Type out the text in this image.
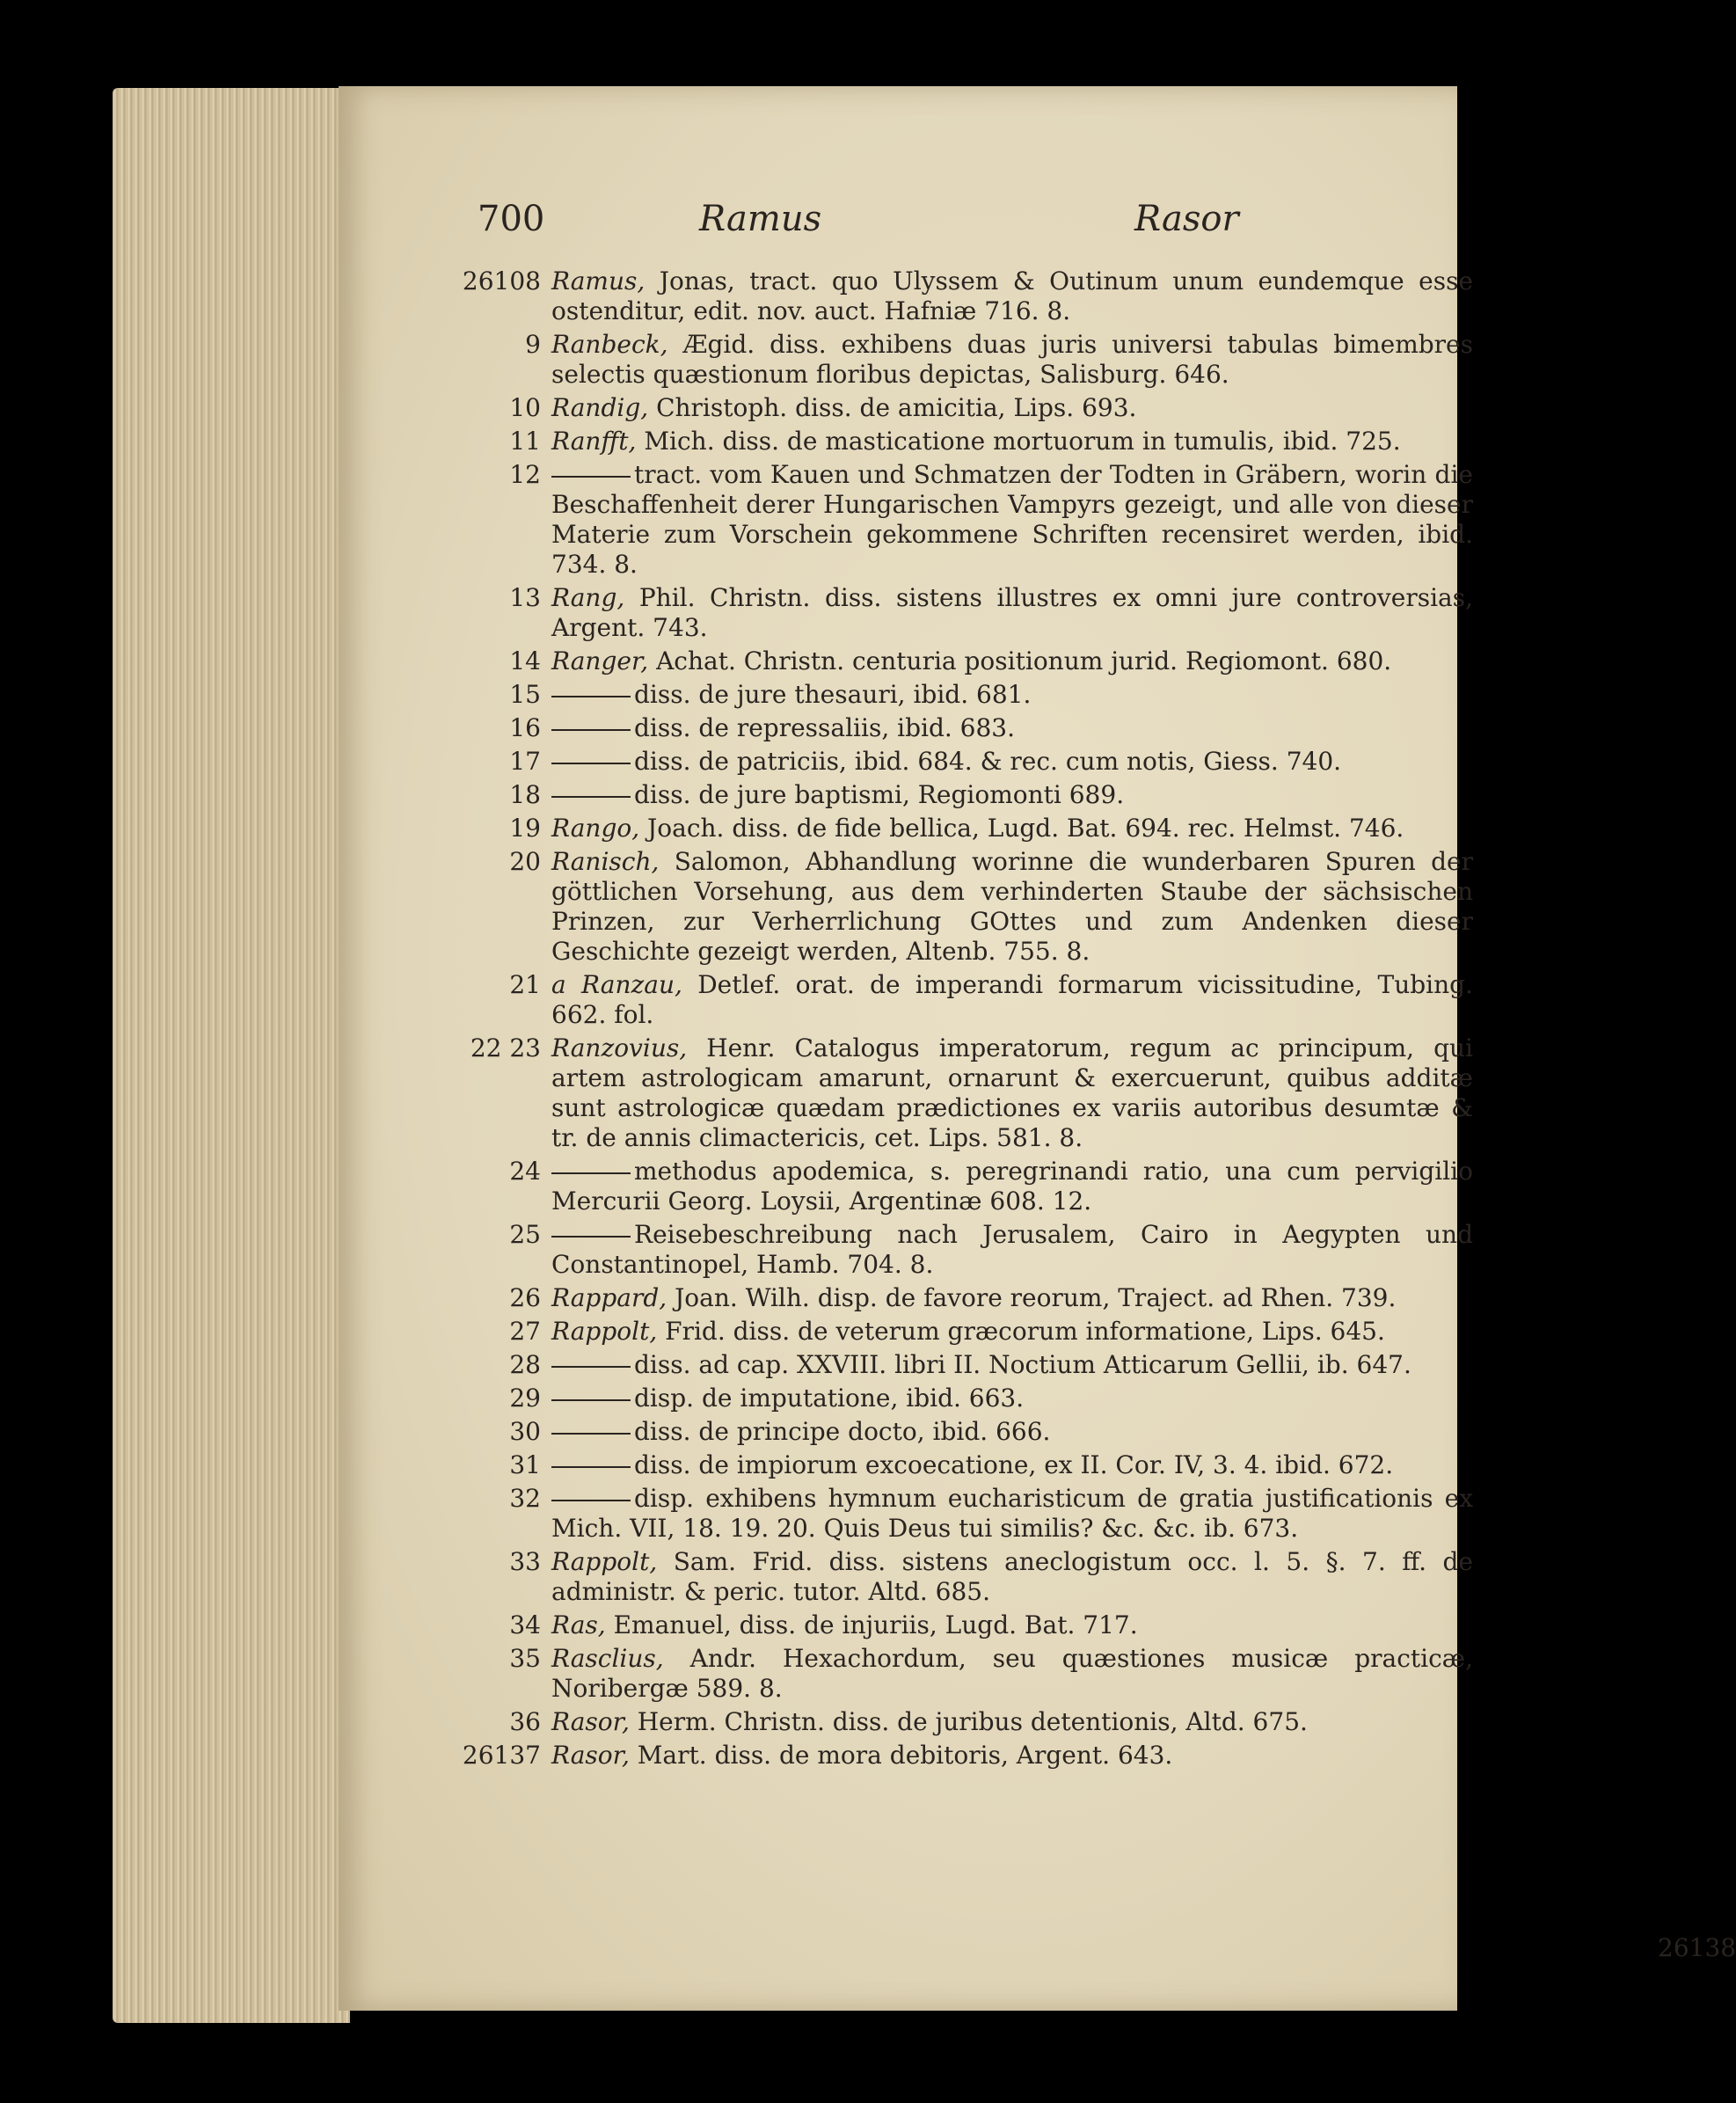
700	Ramus	Rasor
26108 Ramus, Jonas, tract. quo Ulyssem & Outinum unum eundemque esse ostenditur, edit. nov. auct. Hafniæ 716. 8.
9 Ranbeck, Ægid. diss. exhibens duas juris universi tabulas bimembres selectis quæstionum floribus depictas, Salisburg. 646.
10 Randig, Christoph. diss. de amicitia, Lips. 693.
11 Ranfft, Mich. diss. de masticatione mortuorum in tumulis, ibid. 725.
12	tract. vom Kauen und Schmatzen der Todten in Gräbern, worin die Beschaffenheit derer Hungarischen Vampyrs gezeigt, und alle von dieser Materie zum Vorschein gekommene Schriften recensiret werden, ibid. 734. 8.
13 Rang, Phil. Christn. diss. sistens illustres ex omni jure controversias, Argent. 743.
14 Ranger, Achat. Christn. centuria positionum jurid. Regiomont. 680.
15	diss. de jure thesauri, ibid. 681.
16	diss. de repressaliis, ibid. 683.
17	diss. de patriciis, ibid. 684. & rec. cum notis, Giess. 740.
18	diss. de jure baptismi, Regiomonti 689.
19 Rango, Joach. diss. de fide bellica, Lugd. Bat. 694. rec. Helmst. 746.
20 Ranisch, Salomon, Abhandlung worinne die wunderbaren Spuren der göttlichen Vorsehung, aus dem verhinderten Staube der sächsischen Prinzen, zur Verherrlichung GOttes und zum Andenken dieser Geschichte gezeigt werden, Altenb. 755. 8.
21 a Ranzau, Detlef. orat. de imperandi formarum vicissitudine, Tubing. 662. fol.
22 23 Ranzovius, Henr. Catalogus imperatorum, regum ac principum, qui artem astrologicam amarunt, ornarunt & exercuerunt, quibus additæ sunt astrologicæ quædam prædictiones ex variis autoribus desumtæ & tr. de annis climactericis, cet. Lips. 581. 8.
24	methodus apodemica, s. peregrinandi ratio, una cum pervigilio Mercurii Georg. Loysii, Argentinæ 608. 12.
25	Reisebeschreibung nach Jerusalem, Cairo in Aegypten und Constantinopel, Hamb. 704. 8.
26 Rappard, Joan. Wilh. disp. de favore reorum, Traject. ad Rhen. 739.
27 Rappolt, Frid. diss. de veterum græcorum informatione, Lips. 645.
28	diss. ad cap. XXVIII. libri II. Noctium Atticarum Gellii, ib. 647.
29	disp. de imputatione, ibid. 663.
30	diss. de principe docto, ibid. 666.
31	diss. de impiorum excoecatione, ex II. Cor. IV, 3. 4. ibid. 672.
32	disp. exhibens hymnum eucharisticum de gratia justificationis ex Mich. VII, 18. 19. 20. Quis Deus tui similis? &c. &c. ib. 673.
33 Rappolt, Sam. Frid. diss. sistens aneclogistum occ. l. 5. §. 7. ff. de administr. & peric. tutor. Altd. 685.
34 Ras, Emanuel, diss. de injuriis, Lugd. Bat. 717.
35 Rasclius, Andr. Hexachordum, seu quæstiones musicæ practicæ, Noribergæ 589. 8.
36 Rasor, Herm. Christn. diss. de juribus detentionis, Altd. 675.
26137 Rasor, Mart. diss. de mora debitoris, Argent. 643.
26138
